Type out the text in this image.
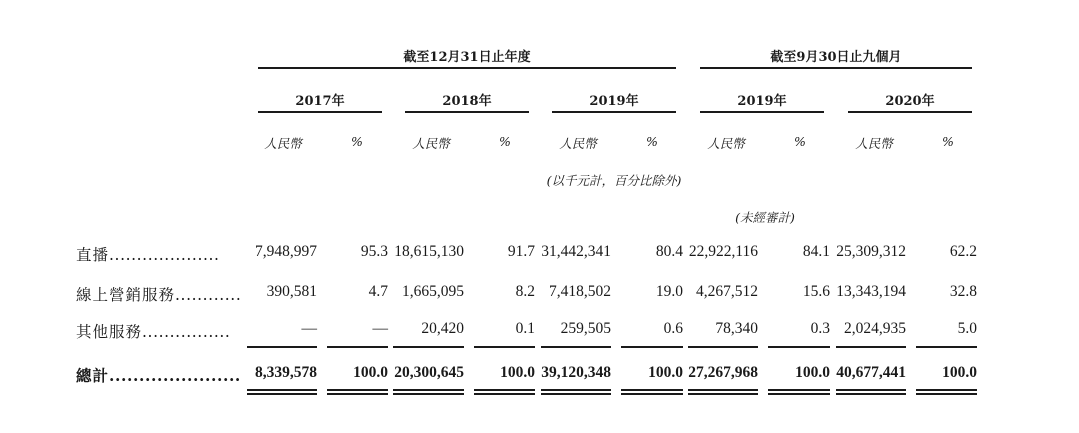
截至12月31日止年度	截至9月30日止九個月
2017年	2018年	2019年	2019年	2020年
人民幣	%	人民幣	%	人民幣	%	人民幣	%	人民幣	%
(以千元計，百分比除外)
(未經審計)
直播....................	7,948,997	95.3 18,615,130	91.7 31,442,341	80.4 22,922,116	84.1 25,309,312	62.2
線上營銷服務............	390,581	4.7 1,665,095	8.2 7,418,502	19.0 4,267,512	15.6 13,343,194	32.8
其他服務................	—	—	20,420	0.1	259,505	0.6	78,340	0.3 2,024,935	5.0
總計...................... 8,339,578	100.0 20,300,645	100.0 39,120,348	100.0 27,267,968	100.0 40,677,441	100.0
